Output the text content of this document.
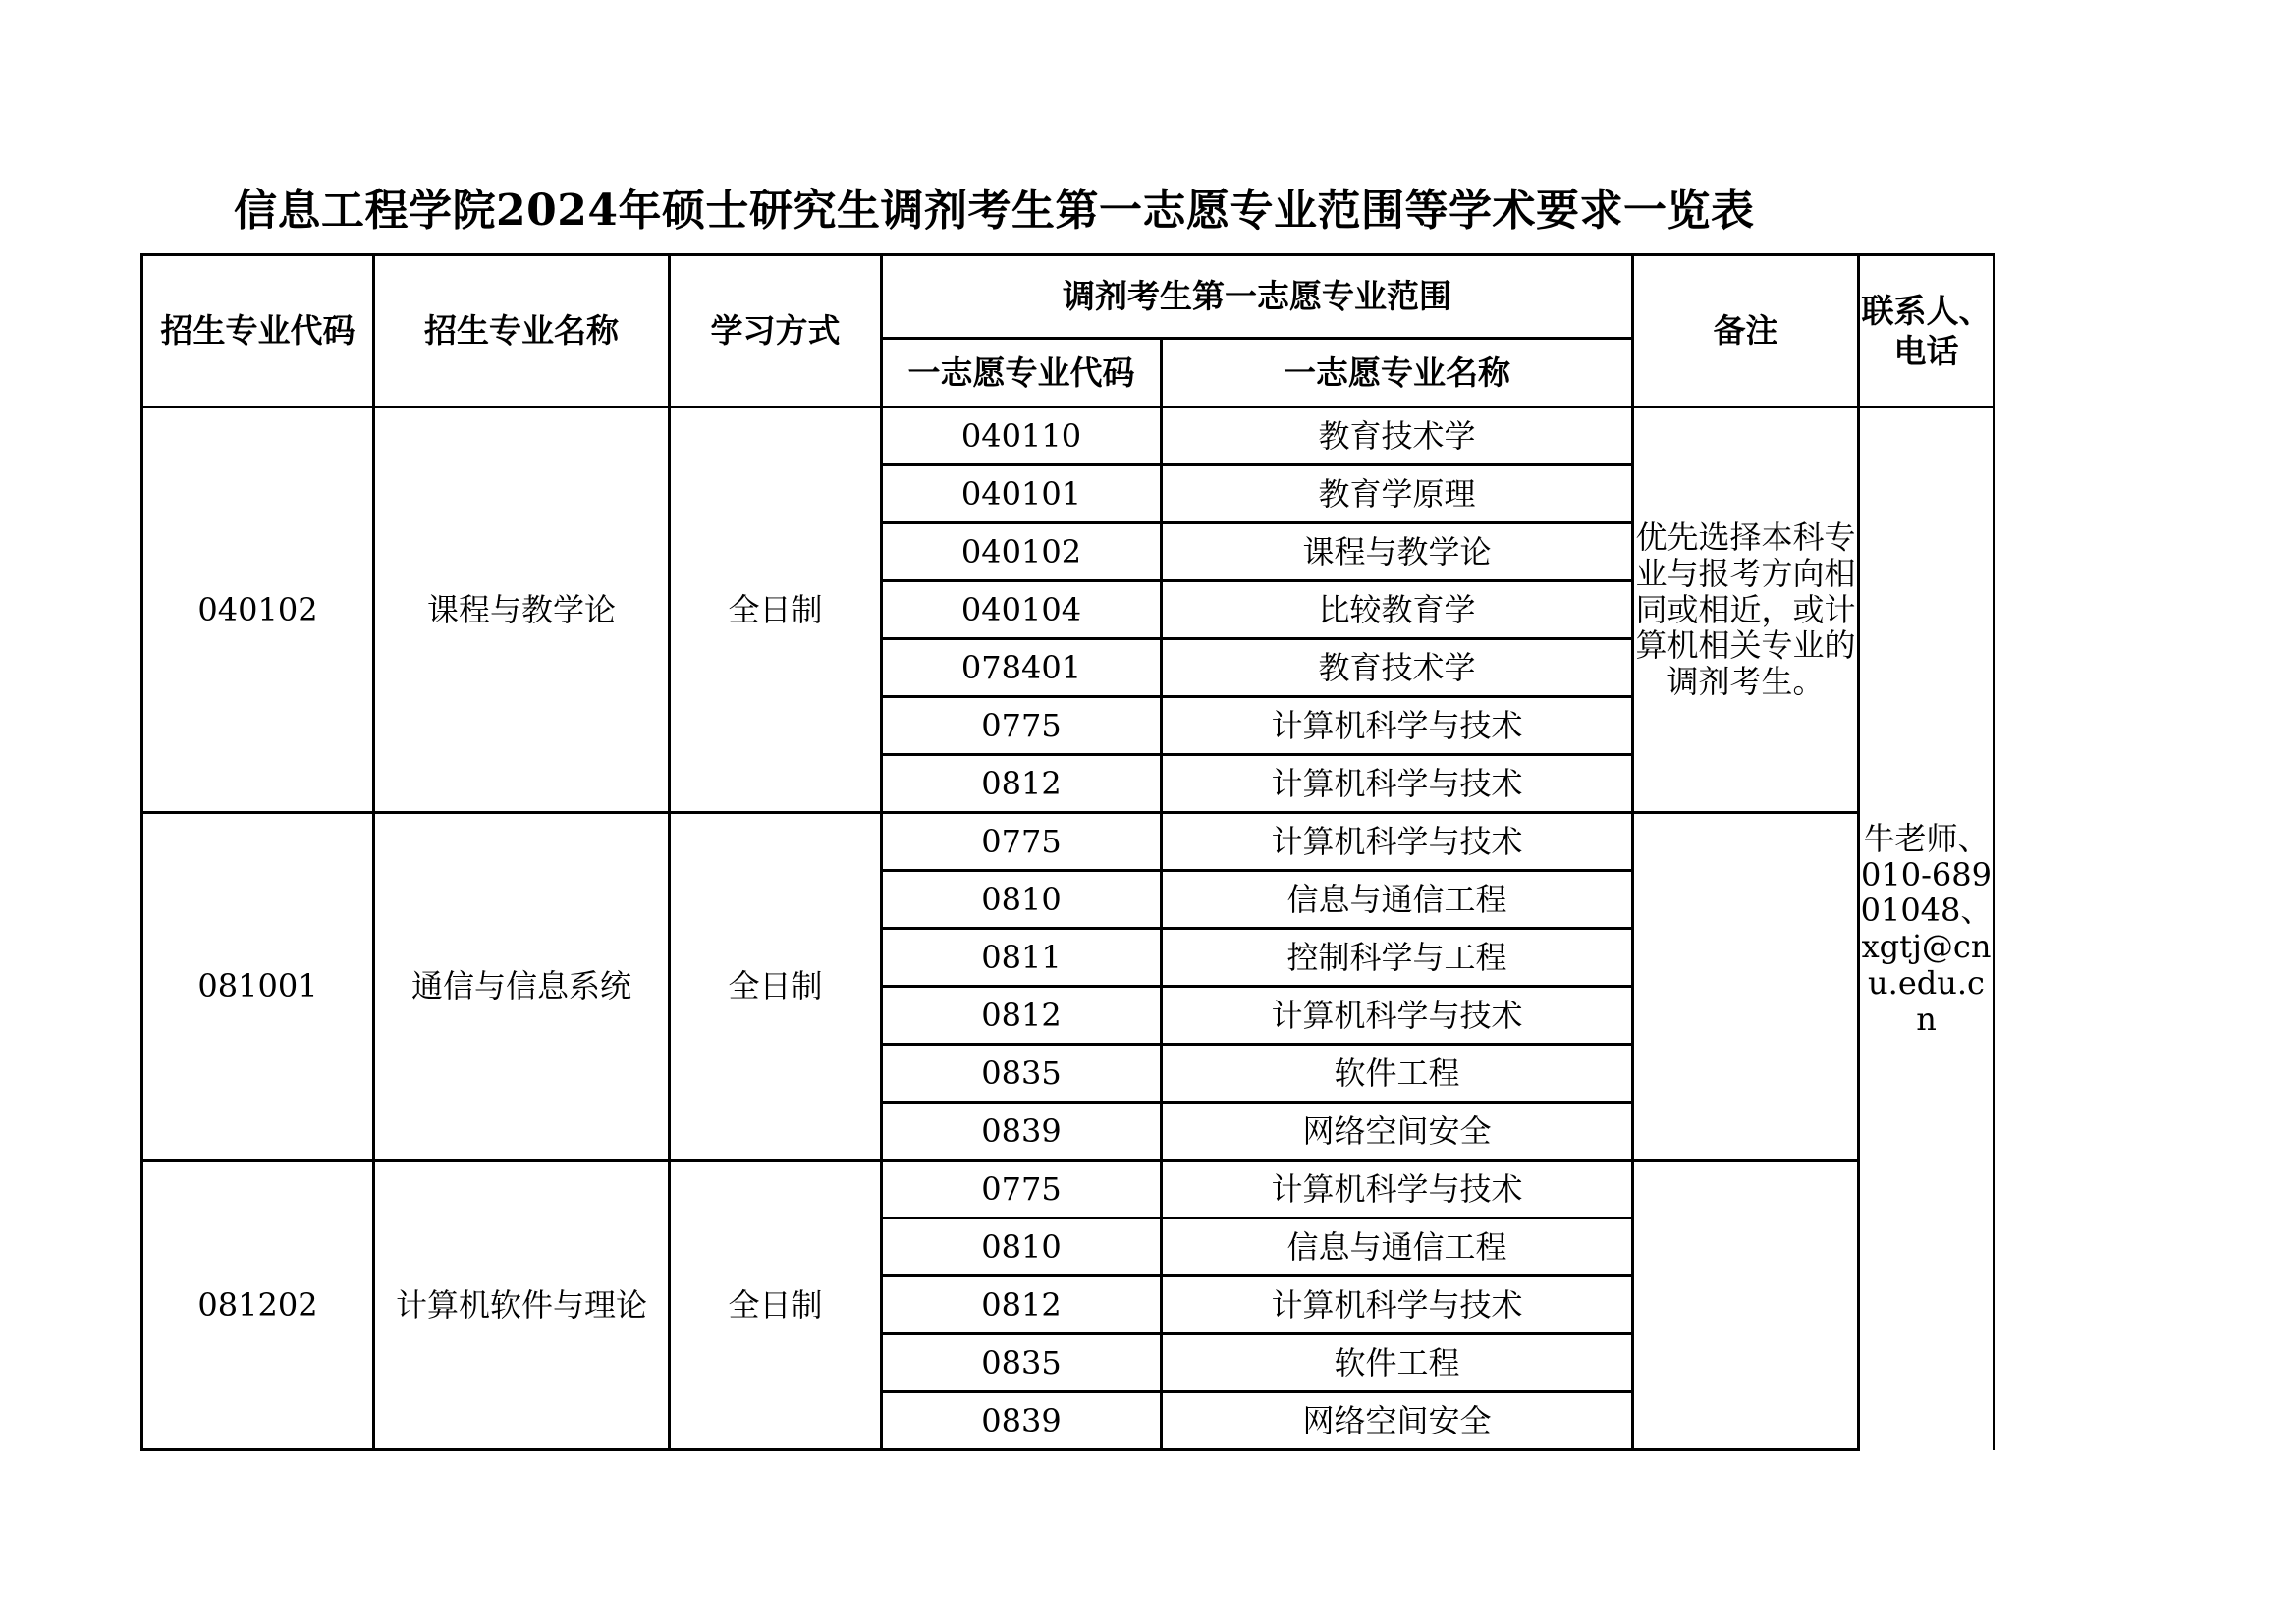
信息工程学院2024年硕士研究生调剂考生第一志愿专业范围等学术要求一览表
招生专业代码	招生专业名称	学习方式	调剂考生第一志愿专业范围		备注	联系人、电话
			一志愿专业代码	一志愿专业名称		
040102	课程与教学论	全日制	040110	教育技术学	优先选择本科专业与报考方向相同或相近，或计算机相关专业的调剂考生。	牛老师、010-68901048、xgtj@cnu.edu.cn
			040101	教育学原理		
			040102	课程与教学论		
			040104	比较教育学		
			078401	教育技术学		
			0775	计算机科学与技术		
			0812	计算机科学与技术		
081001	通信与信息系统	全日制	0775	计算机科学与技术		
			0810	信息与通信工程		
			0811	控制科学与工程		
			0812	计算机科学与技术		
			0835	软件工程		
			0839	网络空间安全		
081202	计算机软件与理论	全日制	0775	计算机科学与技术		
			0810	信息与通信工程		
			0812	计算机科学与技术		
			0835	软件工程		
			0839	网络空间安全		
